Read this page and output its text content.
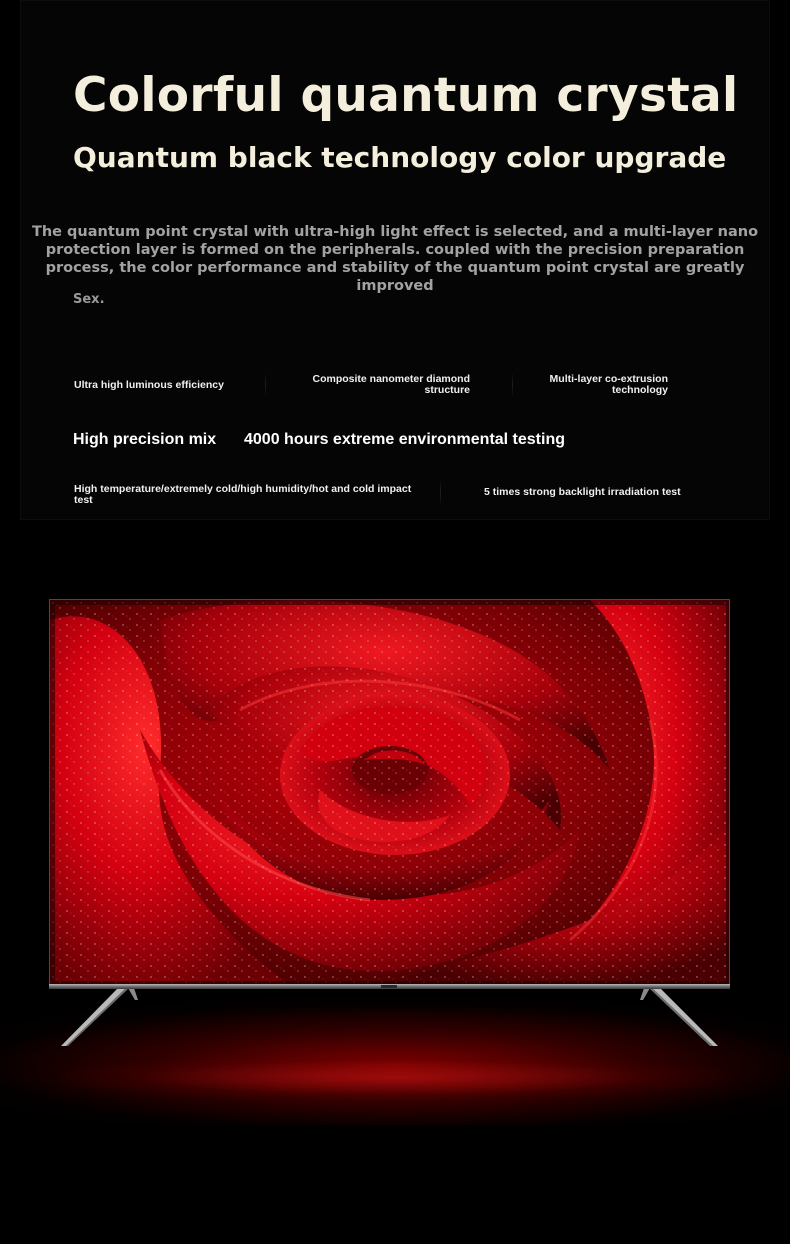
Colorful quantum crystal
Quantum black technology color upgrade

The quantum point crystal with ultra-high light effect is selected, and a multi-layer nano protection layer is formed on the peripherals. coupled with the precision preparation process, the color performance and stability of the quantum point crystal are greatly improved

Sex.
Ultra high luminous efficiency	Composite nanometer diamond structure
Multi-layer co-extrusion technology
High precision mix 4000 hours extreme environmental testing
High temperature/extremely cold/high humidity/hot and cold impact test
5 times strong backlight irradiation test
